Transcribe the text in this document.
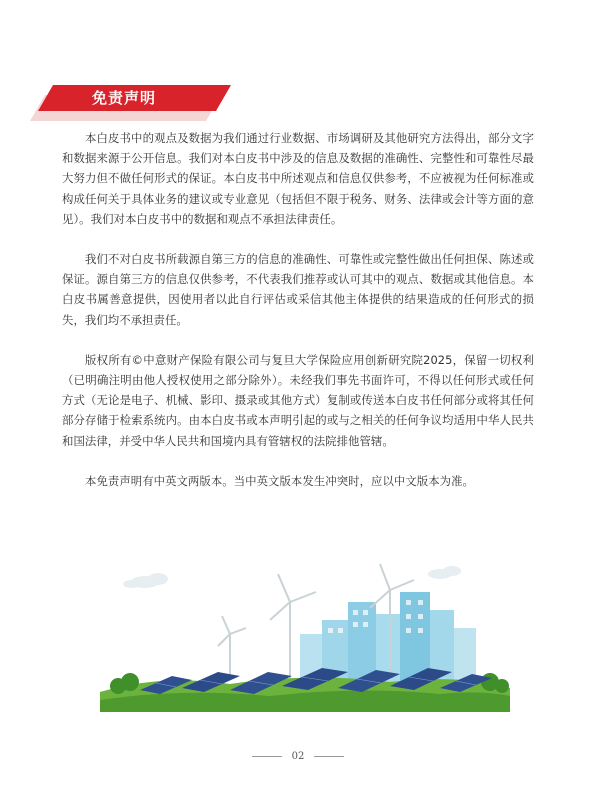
免责声明

本白皮书中的观点及数据为我们通过行业数据、市场调研及其他研究方法得出，部分文字和数据来源于公开信息。我们对本白皮书中涉及的信息及数据的准确性、完整性和可靠性尽最大努力但不做任何形式的保证。本白皮书中所述观点和信息仅供参考，不应被视为任何标准或构成任何关于具体业务的建议或专业意见（包括但不限于税务、财务、法律或会计等方面的意见）。我们对本白皮书中的数据和观点不承担法律责任。

我们不对白皮书所载源自第三方的信息的准确性、可靠性或完整性做出任何担保、陈述或保证。源自第三方的信息仅供参考，不代表我们推荐或认可其中的观点、数据或其他信息。本白皮书属善意提供，因使用者以此自行评估或采信其他主体提供的结果造成的任何形式的损失，我们均不承担责任。

版权所有©中意财产保险有限公司与复旦大学保险应用创新研究院2025，保留一切权利（已明确注明由他人授权使用之部分除外）。未经我们事先书面许可，不得以任何形式或任何方式（无论是电子、机械、影印、摄录或其他方式）复制或传送本白皮书任何部分或将其任何部分存储于检索系统内。由本白皮书或本声明引起的或与之相关的任何争议均适用中华人民共和国法律，并受中华人民共和国境内具有管辖权的法院排他管辖。

本免责声明有中英文两版本。当中英文版本发生冲突时，应以中文版本为准。

02
